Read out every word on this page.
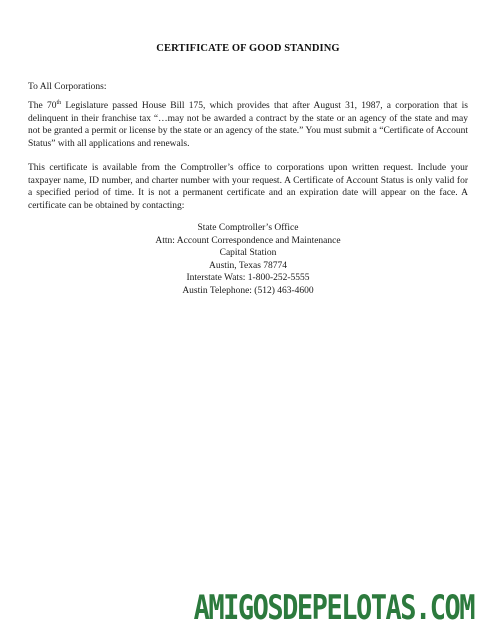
CERTIFICATE OF GOOD STANDING
To All Corporations:
The 70th Legislature passed House Bill 175, which provides that after August 31, 1987, a corporation that is delinquent in their franchise tax “…may not be awarded a contract by the state or an agency of the state and may not be granted a permit or license by the state or an agency of the state.” You must submit a “Certificate of Account Status” with all applications and renewals.
This certificate is available from the Comptroller’s office to corporations upon written request. Include your taxpayer name, ID number, and charter number with your request. A Certificate of Account Status is only valid for a specified period of time. It is not a permanent certificate and an expiration date will appear on the face. A certificate can be obtained by contacting:
State Comptroller’s Office
Attn: Account Correspondence and Maintenance
Capital Station
Austin, Texas 78774
Interstate Wats: 1-800-252-5555
Austin Telephone: (512) 463-4600
AMIGOSDEPELOTAS.COM
